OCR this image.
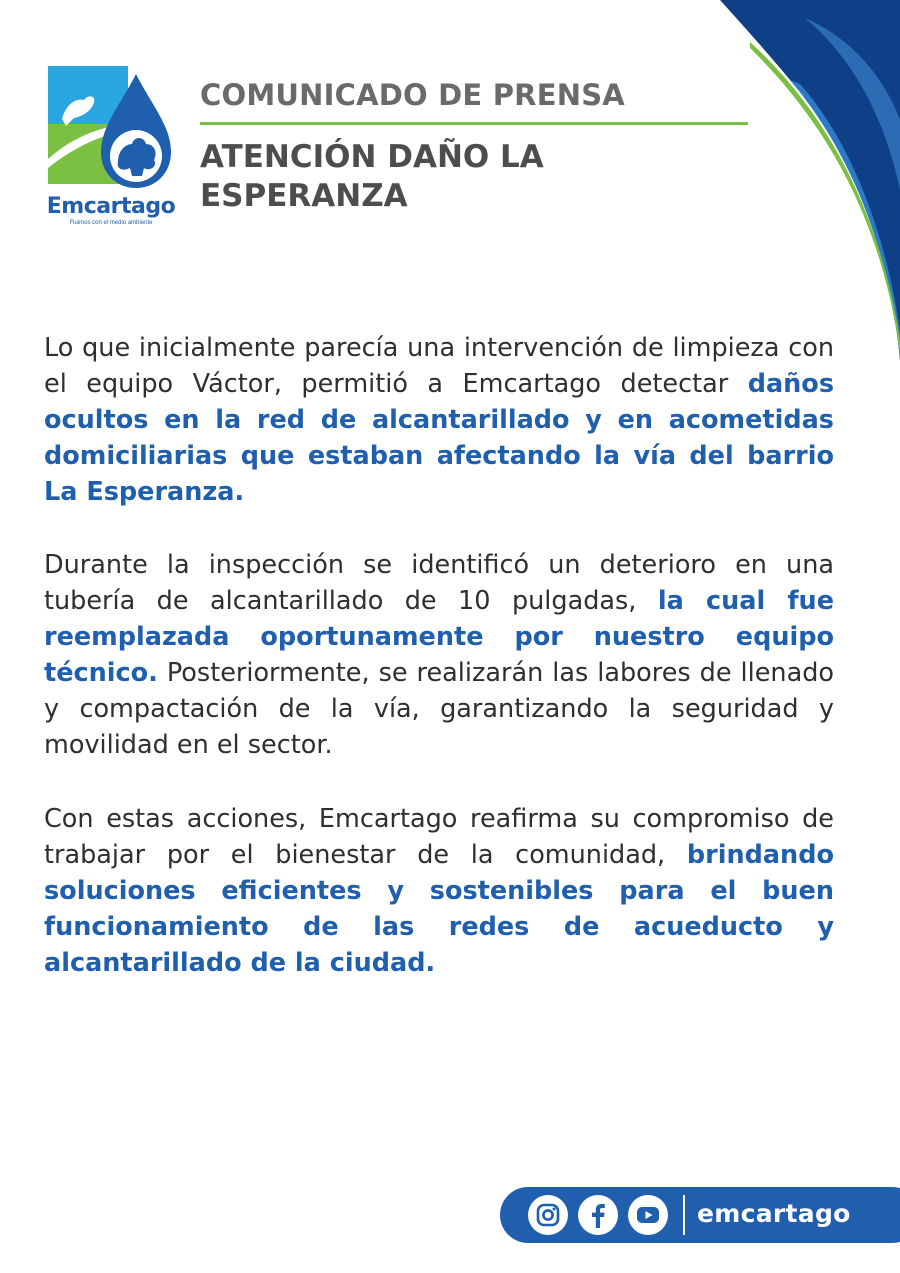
Emcartago
Fluimos con el medio ambiente
COMUNICADO DE PRENSA
ATENCIÓN DAÑO LA ESPERANZA

Lo que inicialmente parecía una intervención de limpieza con el equipo Váctor, permitió a Emcartago detectar daños ocultos en la red de alcantarillado y en acometidas domiciliarias que estaban afectando la vía del barrio La Esperanza.

Durante la inspección se identificó un deterioro en una tubería de alcantarillado de 10 pulgadas, la cual fue reemplazada oportunamente por nuestro equipo técnico. Posteriormente, se realizarán las labores de llenado y compactación de la vía, garantizando la seguridad y movilidad en el sector.

Con estas acciones, Emcartago reafirma su compromiso de trabajar por el bienestar de la comunidad, brindando soluciones eficientes y sostenibles para el buen funcionamiento de las redes de acueducto y alcantarillado de la ciudad.

emcartago
